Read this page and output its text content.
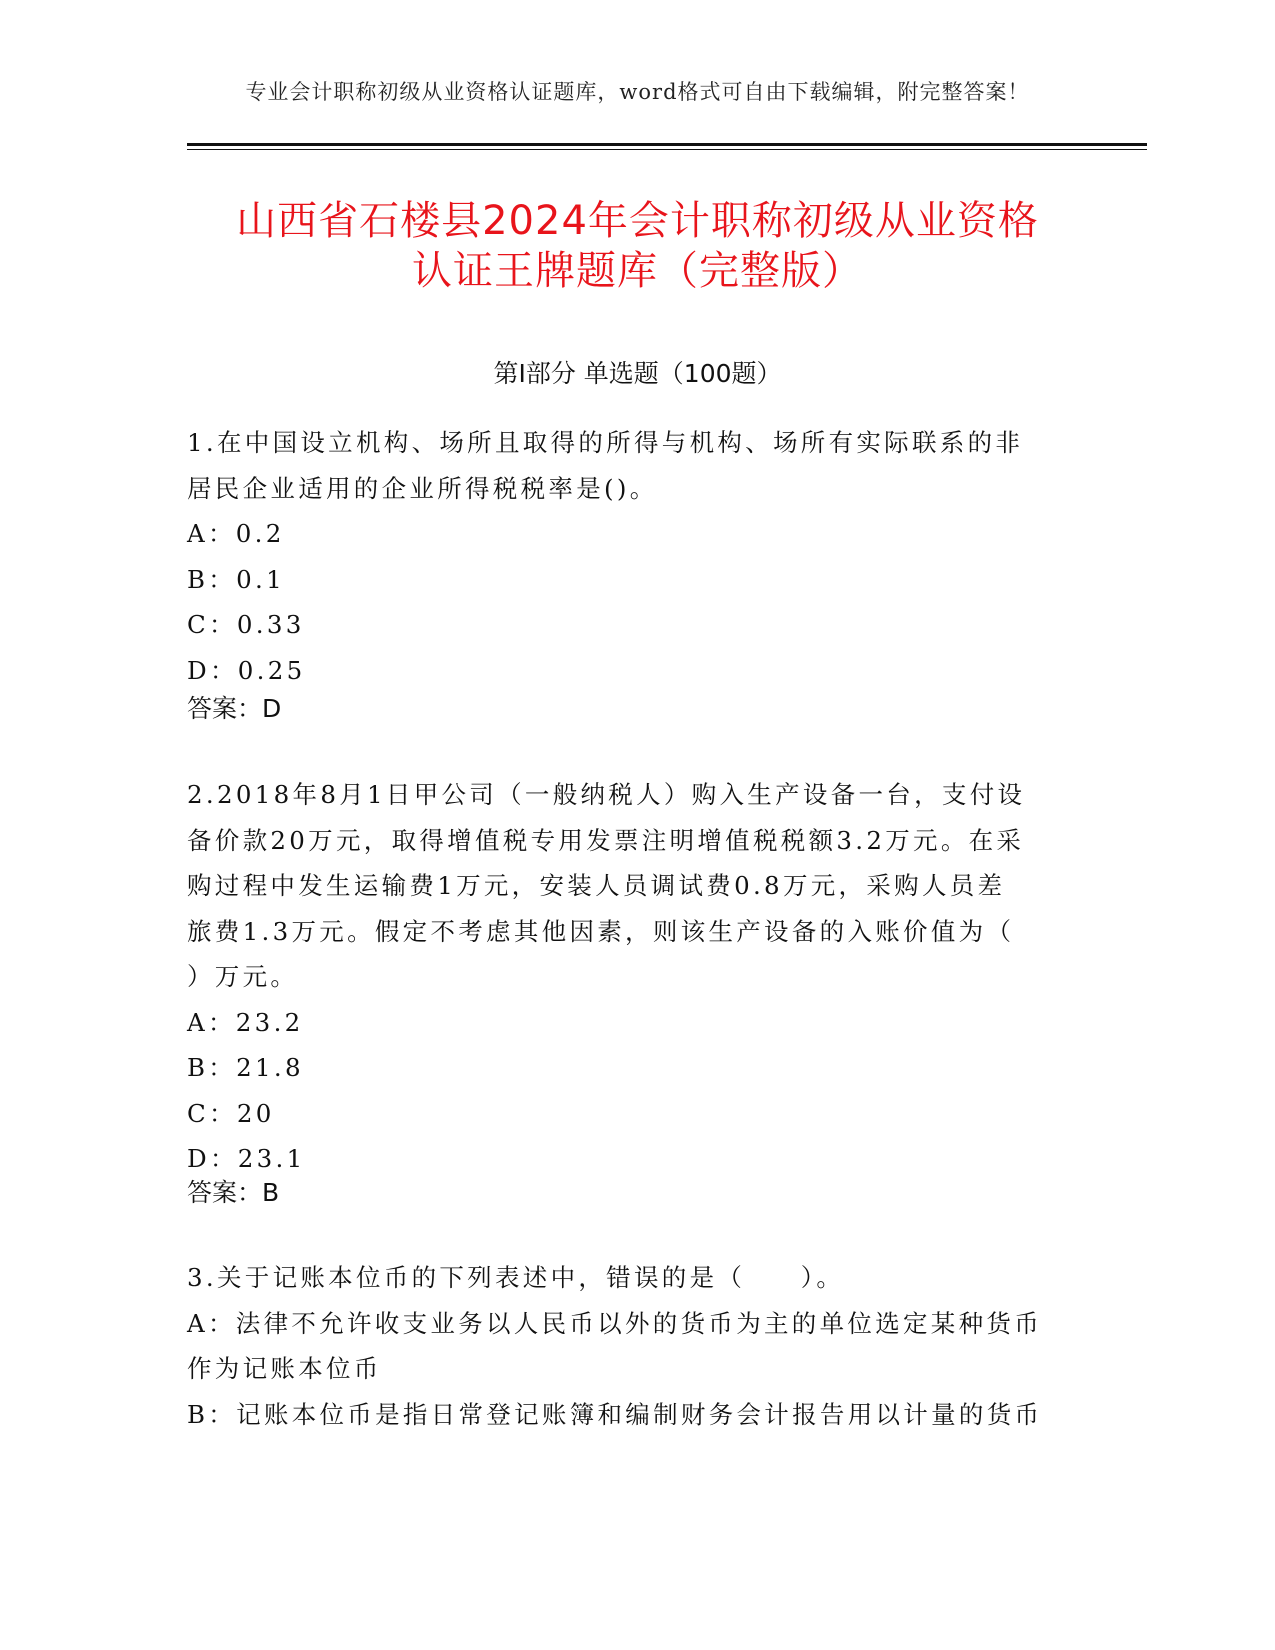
专业会计职称初级从业资格认证题库，word格式可自由下载编辑，附完整答案！
山西省石楼县2024年会计职称初级从业资格
认证王牌题库（完整版）
第Ⅰ部分 单选题（100题）
1.在中国设立机构、场所且取得的所得与机构、场所有实际联系的非
居民企业适用的企业所得税税率是()。
A：0.2
B：0.1
C：0.33
D：0.25
答案：D
2.2018年8月1日甲公司（一般纳税人）购入生产设备一台，支付设
备价款20万元，取得增值税专用发票注明增值税税额3.2万元。在采
购过程中发生运输费1万元，安装人员调试费0.8万元，采购人员差
旅费1.3万元。假定不考虑其他因素，则该生产设备的入账价值为（
）万元。
A：23.2
B：21.8
C：20
D：23.1
答案：B
3.关于记账本位币的下列表述中，错误的是（　　）。
A：法律不允许收支业务以人民币以外的货币为主的单位选定某种货币
作为记账本位币
B：记账本位币是指日常登记账簿和编制财务会计报告用以计量的货币
